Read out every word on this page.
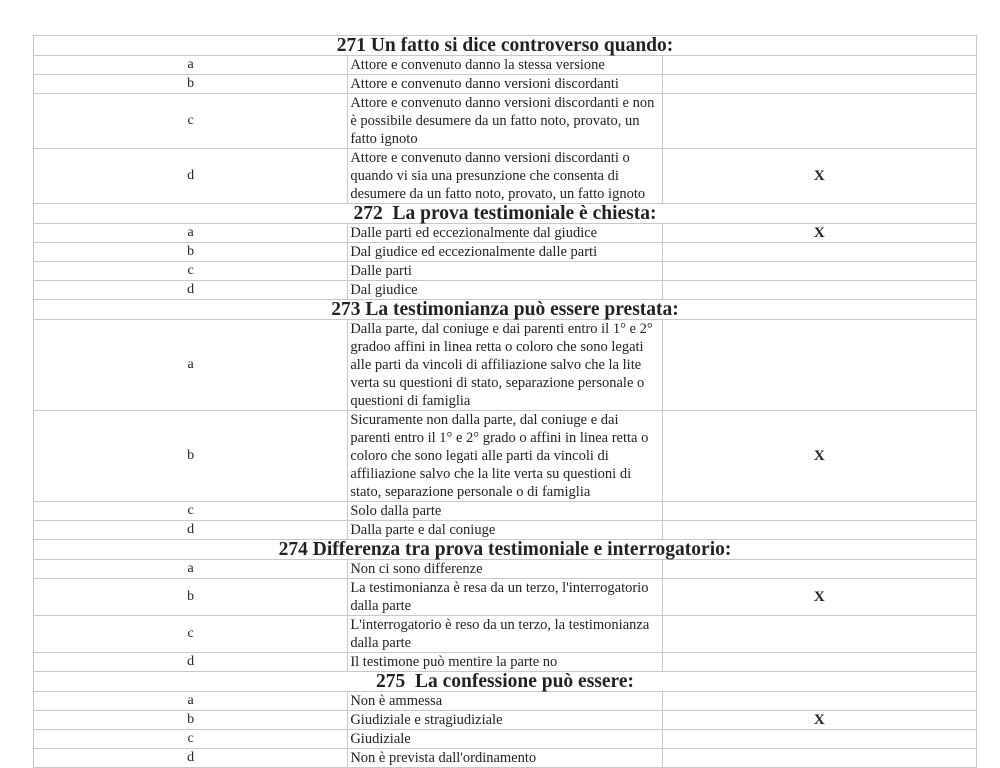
271 Un fatto si dice controverso quando:		
a	Attore e convenuto danno la stessa versione	
b	Attore e convenuto danno versioni discordanti	
c	Attore e convenuto danno versioni discordanti e non è possibile desumere da un fatto noto, provato, un fatto ignoto	
d	Attore e convenuto danno versioni discordanti o quando vi sia una presunzione che consenta di desumere da un fatto noto, provato, un fatto ignoto	X
272  La prova testimoniale è chiesta:		
a	Dalle parti ed eccezionalmente dal giudice	X
b	Dal giudice ed eccezionalmente dalle parti	
c	Dalle parti	
d	Dal giudice	
273 La testimonianza può essere prestata:		
a	Dalla parte, dal coniuge e dai parenti entro il 1° e 2° gradoo affini in linea retta o coloro che sono legati alle parti da vincoli di affiliazione salvo che la lite verta su questioni di stato, separazione personale o questioni di famiglia	
b	Sicuramente non dalla parte, dal coniuge e dai parenti entro il 1° e 2° grado o affini in linea retta o coloro che sono legati alle parti da vincoli di affiliazione salvo che la lite verta su questioni di stato, separazione personale o di famiglia	X
c	Solo dalla parte	
d	Dalla parte e dal coniuge	
274 Differenza tra prova testimoniale e interrogatorio:		
a	Non ci sono differenze	
b	La testimonianza è resa da un terzo, l'interrogatorio dalla parte	X
c	L'interrogatorio è reso da un terzo, la testimonianza dalla parte	
d	Il testimone può mentire la parte no	
275  La confessione può essere:		
a	Non è ammessa	
b	Giudiziale e stragiudiziale	X
c	Giudiziale	
d	Non è prevista dall'ordinamento	
